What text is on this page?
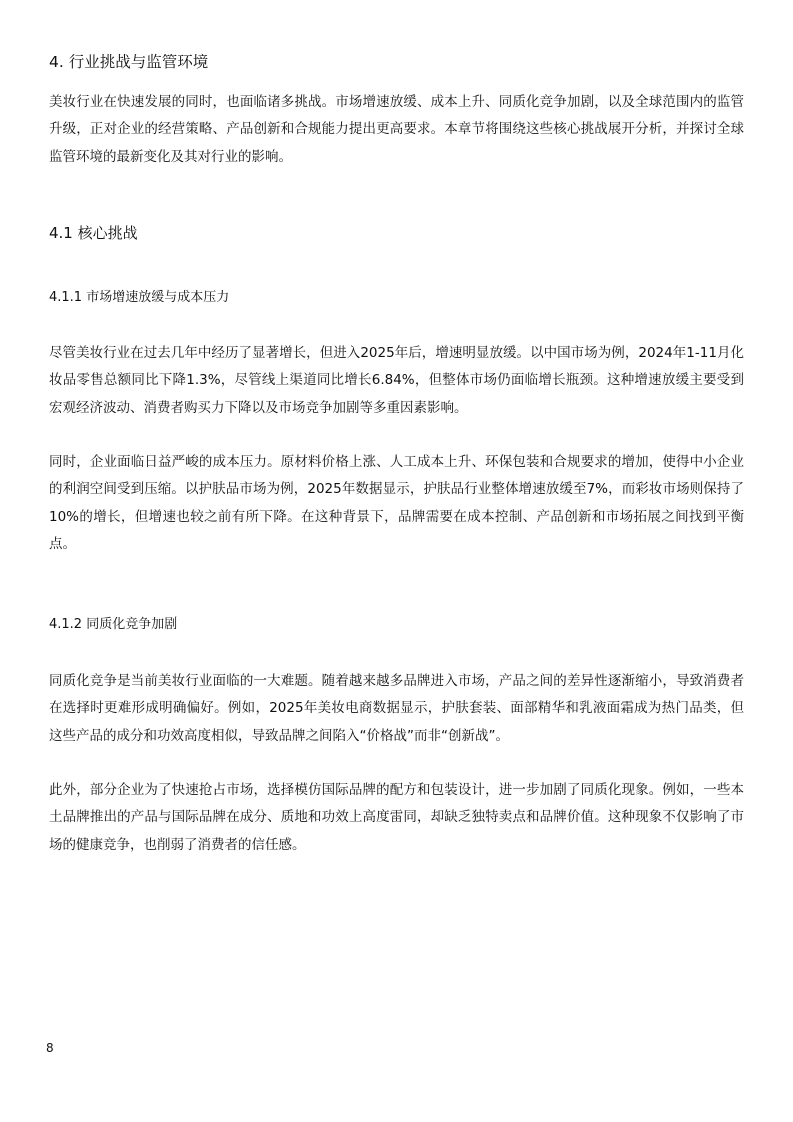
4. 行业挑战与监管环境

美妆行业在快速发展的同时，也面临诸多挑战。市场增速放缓、成本上升、同质化竞争加剧，以及全球范围内的监管升级，正对企业的经营策略、产品创新和合规能力提出更高要求。本章节将围绕这些核心挑战展开分析，并探讨全球监管环境的最新变化及其对行业的影响。

4.1 核心挑战
4.1.1 市场增速放缓与成本压力

尽管美妆行业在过去几年中经历了显著增长，但进入2025年后，增速明显放缓。以中国市场为例，2024年1-11月化妆品零售总额同比下降1.3%，尽管线上渠道同比增长6.84%，但整体市场仍面临增长瓶颈。这种增速放缓主要受到宏观经济波动、消费者购买力下降以及市场竞争加剧等多重因素影响。

同时，企业面临日益严峻的成本压力。原材料价格上涨、人工成本上升、环保包装和合规要求的增加，使得中小企业的利润空间受到压缩。以护肤品市场为例，2025年数据显示，护肤品行业整体增速放缓至7%，而彩妆市场则保持了10%的增长，但增速也较之前有所下降。在这种背景下，品牌需要在成本控制、产品创新和市场拓展之间找到平衡点。

4.1.2 同质化竞争加剧

同质化竞争是当前美妆行业面临的一大难题。随着越来越多品牌进入市场，产品之间的差异性逐渐缩小，导致消费者在选择时更难形成明确偏好。例如，2025年美妆电商数据显示，护肤套装、面部精华和乳液面霜成为热门品类，但这些产品的成分和功效高度相似，导致品牌之间陷入“价格战”而非“创新战”。

此外，部分企业为了快速抢占市场，选择模仿国际品牌的配方和包装设计，进一步加剧了同质化现象。例如，一些本土品牌推出的产品与国际品牌在成分、质地和功效上高度雷同，却缺乏独特卖点和品牌价值。这种现象不仅影响了市场的健康竞争，也削弱了消费者的信任感。

8
